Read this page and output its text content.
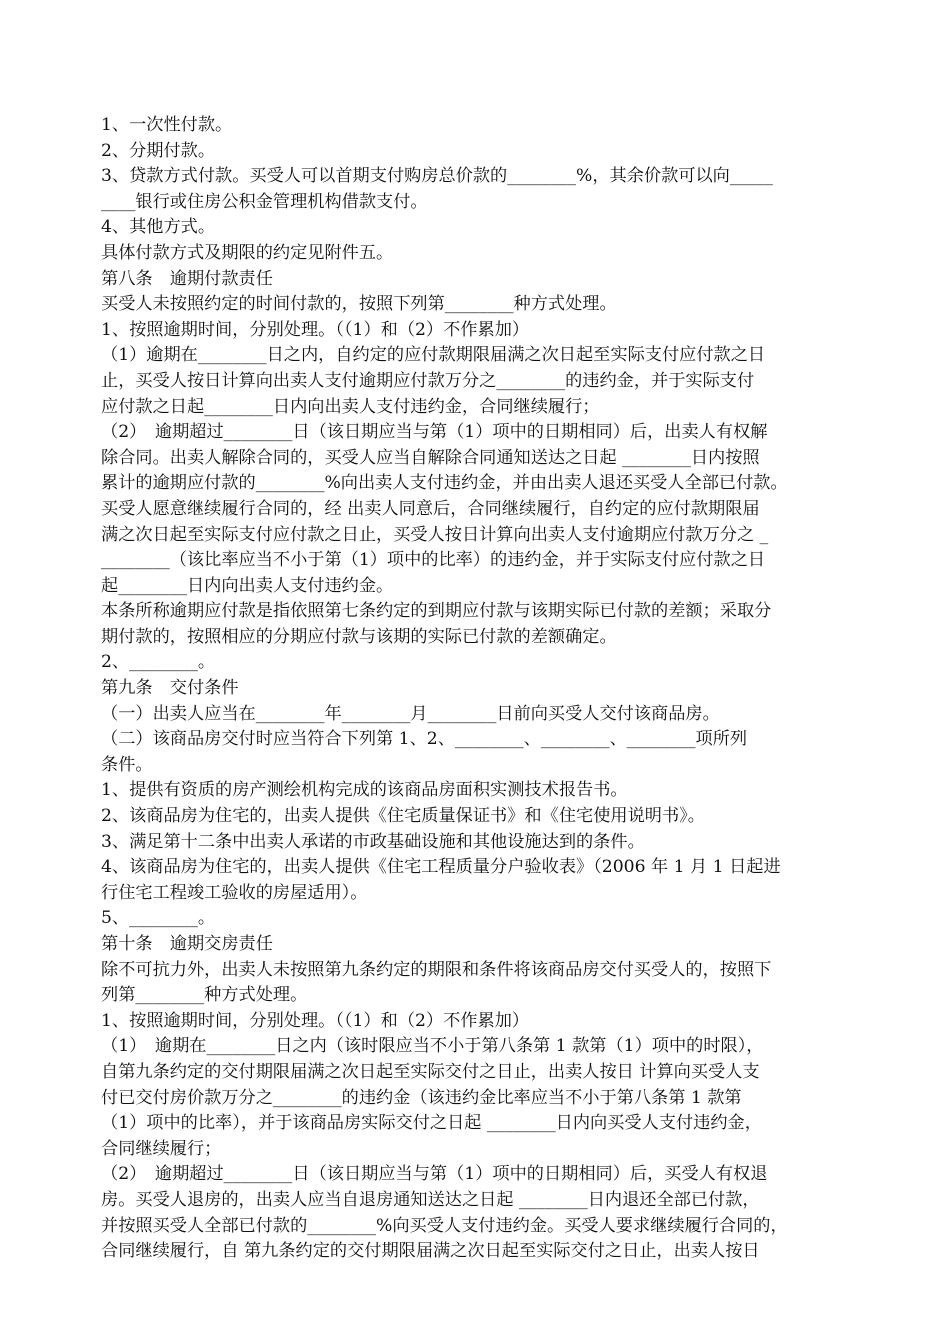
1、一次性付款。
2、分期付款。
3、贷款方式付款。买受人可以首期支付购房总价款的________%，其余价款可以向_____
____银行或住房公积金管理机构借款支付。
4、其他方式。
具体付款方式及期限的约定见附件五。
第八条　逾期付款责任
买受人未按照约定的时间付款的，按照下列第________种方式处理。
1、按照逾期时间，分别处理。（（1）和（2）不作累加）
（1）逾期在________日之内，自约定的应付款期限届满之次日起至实际支付应付款之日
止，买受人按日计算向出卖人支付逾期应付款万分之________的违约金，并于实际支付
应付款之日起________日内向出卖人支付违约金，合同继续履行；
（2）　逾期超过________日（该日期应当与第（1）项中的日期相同）后，出卖人有权解
除合同。出卖人解除合同的，买受人应当自解除合同通知送达之日起 ________日内按照
累计的逾期应付款的________%向出卖人支付违约金，并由出卖人退还买受人全部已付款。
买受人愿意继续履行合同的，经 出卖人同意后，合同继续履行，自约定的应付款期限届
满之次日起至实际支付应付款之日止，买受人按日计算向出卖人支付逾期应付款万分之 _
________（该比率应当不小于第（1）项中的比率）的违约金，并于实际支付应付款之日
起________日内向出卖人支付违约金。
本条所称逾期应付款是指依照第七条约定的到期应付款与该期实际已付款的差额；采取分
期付款的，按照相应的分期应付款与该期的实际已付款的差额确定。
2、________。
第九条　交付条件
（一）出卖人应当在________年________月________日前向买受人交付该商品房。
（二）该商品房交付时应当符合下列第 1、2、________、________、________项所列
条件。
1、提供有资质的房产测绘机构完成的该商品房面积实测技术报告书。
2、该商品房为住宅的，出卖人提供《住宅质量保证书》和《住宅使用说明书》。
3、满足第十二条中出卖人承诺的市政基础设施和其他设施达到的条件。
4、该商品房为住宅的，出卖人提供《住宅工程质量分户验收表》（2006 年 1 月 1 日起进
行住宅工程竣工验收的房屋适用）。
5、________。
第十条　逾期交房责任
除不可抗力外，出卖人未按照第九条约定的期限和条件将该商品房交付买受人的，按照下
列第________种方式处理。
1、按照逾期时间，分别处理。（（1）和（2）不作累加）
（1）　逾期在________日之内（该时限应当不小于第八条第 1 款第（1）项中的时限），
自第九条约定的交付期限届满之次日起至实际交付之日止，出卖人按日 计算向买受人支
付已交付房价款万分之________的违约金（该违约金比率应当不小于第八条第 1 款第
（1）项中的比率），并于该商品房实际交付之日起 ________日内向买受人支付违约金，
合同继续履行；
（2）　逾期超过________日（该日期应当与第（1）项中的日期相同）后，买受人有权退
房。买受人退房的，出卖人应当自退房通知送达之日起 ________日内退还全部已付款，
并按照买受人全部已付款的________%向买受人支付违约金。买受人要求继续履行合同的，
合同继续履行，自 第九条约定的交付期限届满之次日起至实际交付之日止，出卖人按日
